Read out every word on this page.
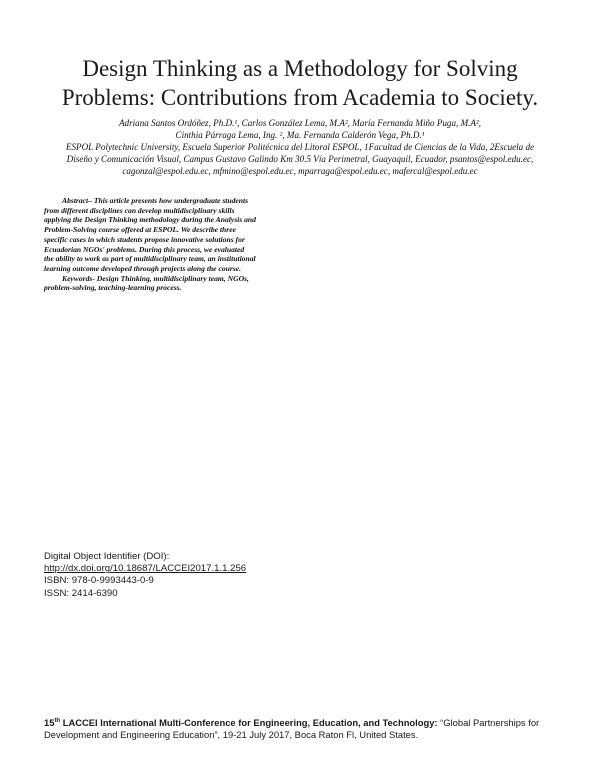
Design Thinking as a Methodology for Solving
Problems: Contributions from Academia to Society.
Adriana Santos Ordóñez, Ph.D.¹, Carlos González Lema, M.A², María Fernanda Miño Puga, M.A²,
Cinthia Párraga Lema, Ing. ², Ma. Fernanda Calderón Vega, Ph.D.¹
ESPOL Polytechnic University, Escuela Superior Politécnica del Litoral ESPOL, 1Facultad de Ciencias de la Vida, 2Escuela de
Diseño y Comunicación Visual, Campus Gustavo Galindo Km 30.5 Vía Perimetral, Guayaquil, Ecuador, psantos@espol.edu.ec,
cagonzal@espol.edu.ec, mfmino@espol.edu.ec, mparraga@espol.edu.ec, mafercal@espol.edu.ec
Abstract– This article presents how undergraduate students
from different disciplines can develop multidisciplinary skills
applying the Design Thinking methodology during the Analysis and
Problem-Solving course offered at ESPOL. We describe three
specific cases in which students propose innovative solutions for
Ecuadorian NGOs' problems. During this process, we evaluated
the ability to work as part of multidisciplinary team, an institutional
learning outcome developed through projects along the course.
Keywords- Design Thinking, multidisciplinary team, NGOs,
problem-solving, teaching-learning process.
Digital Object Identifier (DOI):
http://dx.doi.org/10.18687/LACCEI2017.1.1.256
ISBN: 978-0-9993443-0-9
ISSN: 2414-6390
15th LACCEI International Multi-Conference for Engineering, Education, and Technology: “Global Partnerships for
Development and Engineering Education”, 19-21 July 2017, Boca Raton Fl, United States.
